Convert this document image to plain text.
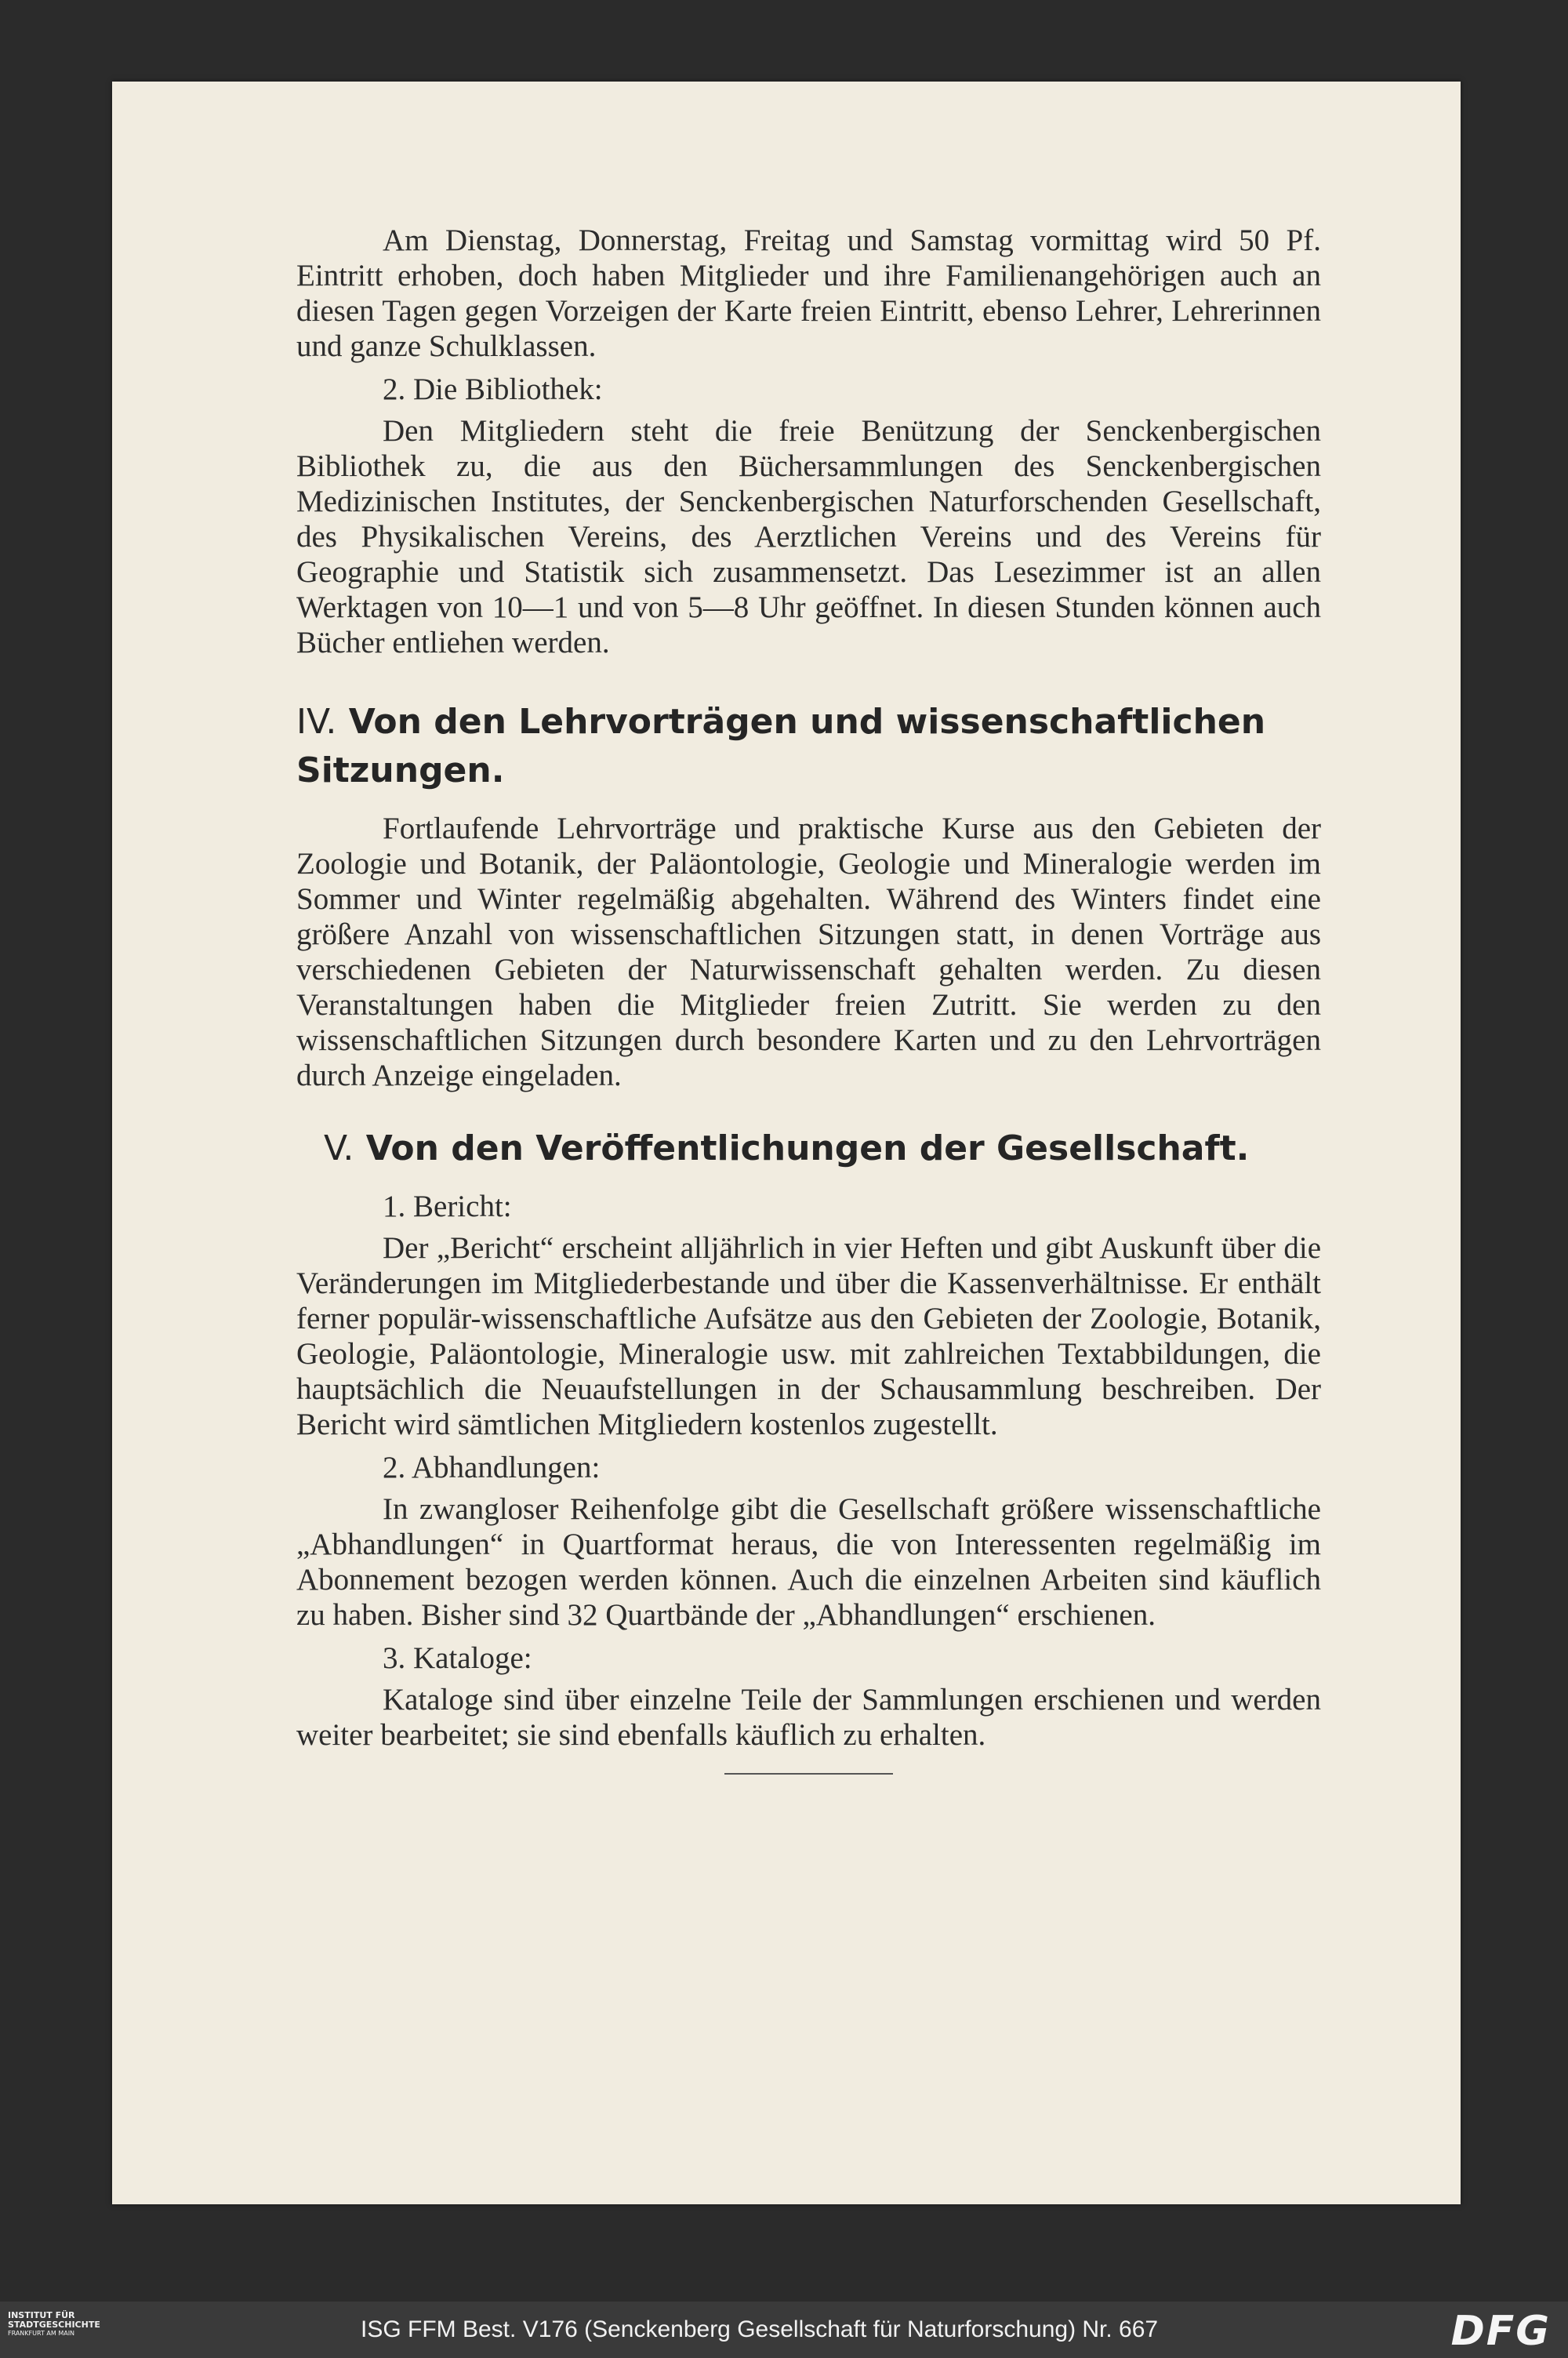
Am Dienstag, Donnerstag, Freitag und Samstag vormittag wird 50 Pf. Eintritt erhoben, doch haben Mitglieder und ihre Familienangehörigen auch an diesen Tagen gegen Vorzeigen der Karte freien Eintritt, ebenso Lehrer, Lehrerinnen und ganze Schulklassen.

2. Die Bibliothek:

Den Mitgliedern steht die freie Benützung der Senckenbergischen Bibliothek zu, die aus den Büchersammlungen des Senckenbergischen Medizinischen Institutes, der Senckenbergischen Naturforschenden Gesellschaft, des Physikalischen Vereins, des Aerztlichen Vereins und des Vereins für Geographie und Statistik sich zusammensetzt. Das Lesezimmer ist an allen Werktagen von 10—1 und von 5—8 Uhr geöffnet. In diesen Stunden können auch Bücher entliehen werden.

IV. Von den Lehrvorträgen und wissenschaftlichen Sitzungen.

Fortlaufende Lehrvorträge und praktische Kurse aus den Gebieten der Zoologie und Botanik, der Paläontologie, Geologie und Mineralogie werden im Sommer und Winter regelmäßig abgehalten. Während des Winters findet eine größere Anzahl von wissenschaftlichen Sitzungen statt, in denen Vorträge aus verschiedenen Gebieten der Naturwissenschaft gehalten werden. Zu diesen Veranstaltungen haben die Mitglieder freien Zutritt. Sie werden zu den wissenschaftlichen Sitzungen durch besondere Karten und zu den Lehrvorträgen durch Anzeige eingeladen.

V. Von den Veröffentlichungen der Gesellschaft.

1. Bericht:

Der „Bericht“ erscheint alljährlich in vier Heften und gibt Auskunft über die Veränderungen im Mitgliederbestande und über die Kassenverhältnisse. Er enthält ferner populär-wissenschaftliche Aufsätze aus den Gebieten der Zoologie, Botanik, Geologie, Paläontologie, Mineralogie usw. mit zahlreichen Textabbildungen, die hauptsächlich die Neuaufstellungen in der Schausammlung beschreiben. Der Bericht wird sämtlichen Mitgliedern kostenlos zugestellt.

2. Abhandlungen:

In zwangloser Reihenfolge gibt die Gesellschaft größere wissenschaftliche „Abhandlungen“ in Quartformat heraus, die von Interessenten regelmäßig im Abonnement bezogen werden können. Auch die einzelnen Arbeiten sind käuflich zu haben. Bisher sind 32 Quartbände der „Abhandlungen“ erschienen.

3. Kataloge:

Kataloge sind über einzelne Teile der Sammlungen erschienen und werden weiter bearbeitet; sie sind ebenfalls käuflich zu erhalten.

INSTITUT FÜR
STADTGESCHICHTE
FRANKFURT AM MAIN	ISG FFM Best. V176 (Senckenberg Gesellschaft für Naturforschung) Nr. 667	DFG
